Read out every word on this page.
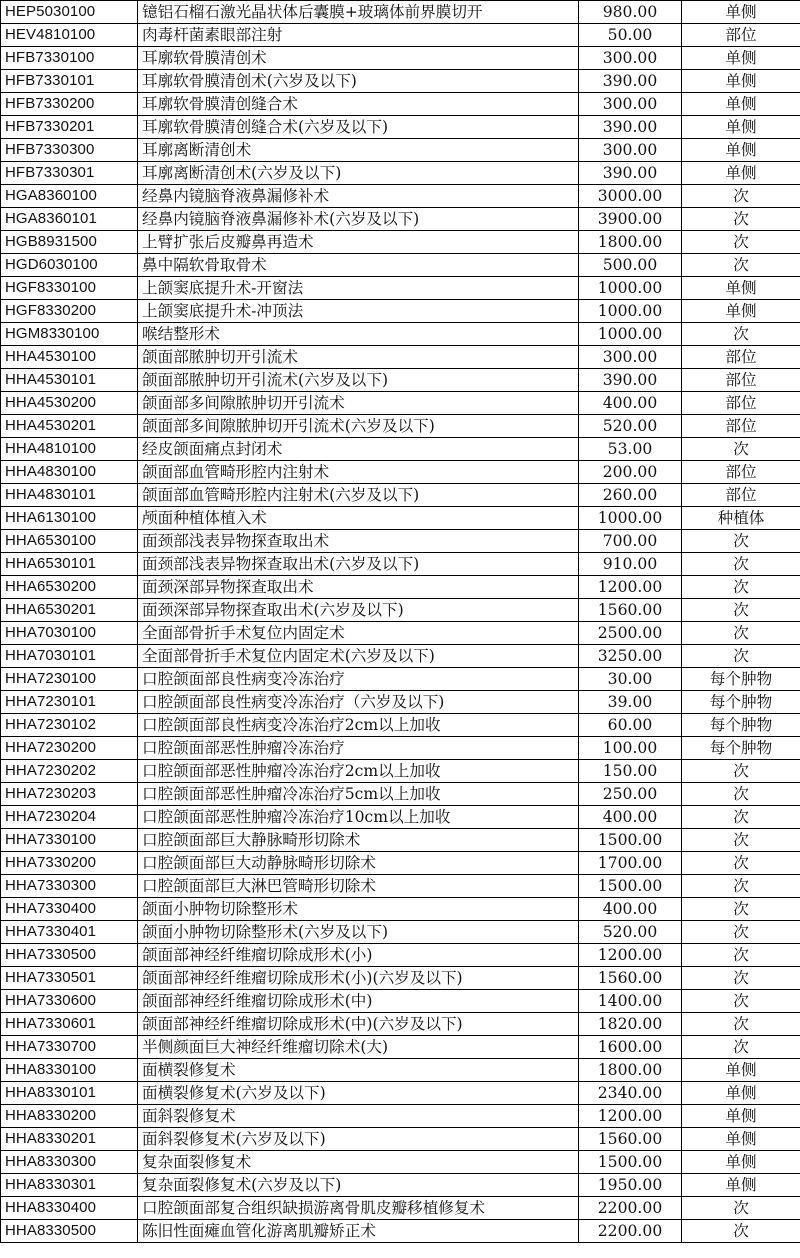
HEP5030100	镱铝石榴石激光晶状体后囊膜+玻璃体前界膜切开	980.00	单侧
HEV4810100	肉毒杆菌素眼部注射	50.00	部位
HFB7330100	耳廓软骨膜清创术	300.00	单侧
HFB7330101	耳廓软骨膜清创术(六岁及以下)	390.00	单侧
HFB7330200	耳廓软骨膜清创缝合术	300.00	单侧
HFB7330201	耳廓软骨膜清创缝合术(六岁及以下)	390.00	单侧
HFB7330300	耳廓离断清创术	300.00	单侧
HFB7330301	耳廓离断清创术(六岁及以下)	390.00	单侧
HGA8360100	经鼻内镜脑脊液鼻漏修补术	3000.00	次
HGA8360101	经鼻内镜脑脊液鼻漏修补术(六岁及以下)	3900.00	次
HGB8931500	上臂扩张后皮瓣鼻再造术	1800.00	次
HGD6030100	鼻中隔软骨取骨术	500.00	次
HGF8330100	上颌窦底提升术-开窗法	1000.00	单侧
HGF8330200	上颌窦底提升术-冲顶法	1000.00	单侧
HGM8330100	喉结整形术	1000.00	次
HHA4530100	颌面部脓肿切开引流术	300.00	部位
HHA4530101	颌面部脓肿切开引流术(六岁及以下)	390.00	部位
HHA4530200	颌面部多间隙脓肿切开引流术	400.00	部位
HHA4530201	颌面部多间隙脓肿切开引流术(六岁及以下)	520.00	部位
HHA4810100	经皮颌面痛点封闭术	53.00	次
HHA4830100	颌面部血管畸形腔内注射术	200.00	部位
HHA4830101	颌面部血管畸形腔内注射术(六岁及以下)	260.00	部位
HHA6130100	颅面种植体植入术	1000.00	种植体
HHA6530100	面颈部浅表异物探查取出术	700.00	次
HHA6530101	面颈部浅表异物探查取出术(六岁及以下)	910.00	次
HHA6530200	面颈深部异物探查取出术	1200.00	次
HHA6530201	面颈深部异物探查取出术(六岁及以下)	1560.00	次
HHA7030100	全面部骨折手术复位内固定术	2500.00	次
HHA7030101	全面部骨折手术复位内固定术(六岁及以下)	3250.00	次
HHA7230100	口腔颌面部良性病变冷冻治疗	30.00	每个肿物
HHA7230101	口腔颌面部良性病变冷冻治疗（六岁及以下)	39.00	每个肿物
HHA7230102	口腔颌面部良性病变冷冻治疗2cm以上加收	60.00	每个肿物
HHA7230200	口腔颌面部恶性肿瘤冷冻治疗	100.00	每个肿物
HHA7230202	口腔颌面部恶性肿瘤冷冻治疗2cm以上加收	150.00	次
HHA7230203	口腔颌面部恶性肿瘤冷冻治疗5cm以上加收	250.00	次
HHA7230204	口腔颌面部恶性肿瘤冷冻治疗10cm以上加收	400.00	次
HHA7330100	口腔颌面部巨大静脉畸形切除术	1500.00	次
HHA7330200	口腔颌面部巨大动静脉畸形切除术	1700.00	次
HHA7330300	口腔颌面部巨大淋巴管畸形切除术	1500.00	次
HHA7330400	颌面小肿物切除整形术	400.00	次
HHA7330401	颌面小肿物切除整形术(六岁及以下)	520.00	次
HHA7330500	颌面部神经纤维瘤切除成形术(小)	1200.00	次
HHA7330501	颌面部神经纤维瘤切除成形术(小)(六岁及以下)	1560.00	次
HHA7330600	颌面部神经纤维瘤切除成形术(中)	1400.00	次
HHA7330601	颌面部神经纤维瘤切除成形术(中)(六岁及以下)	1820.00	次
HHA7330700	半侧颜面巨大神经纤维瘤切除术(大)	1600.00	次
HHA8330100	面横裂修复术	1800.00	单侧
HHA8330101	面横裂修复术(六岁及以下)	2340.00	单侧
HHA8330200	面斜裂修复术	1200.00	单侧
HHA8330201	面斜裂修复术(六岁及以下)	1560.00	单侧
HHA8330300	复杂面裂修复术	1500.00	单侧
HHA8330301	复杂面裂修复术(六岁及以下)	1950.00	单侧
HHA8330400	口腔颌面部复合组织缺损游离骨肌皮瓣移植修复术	2200.00	次
HHA8330500	陈旧性面瘫血管化游离肌瓣矫正术	2200.00	次
